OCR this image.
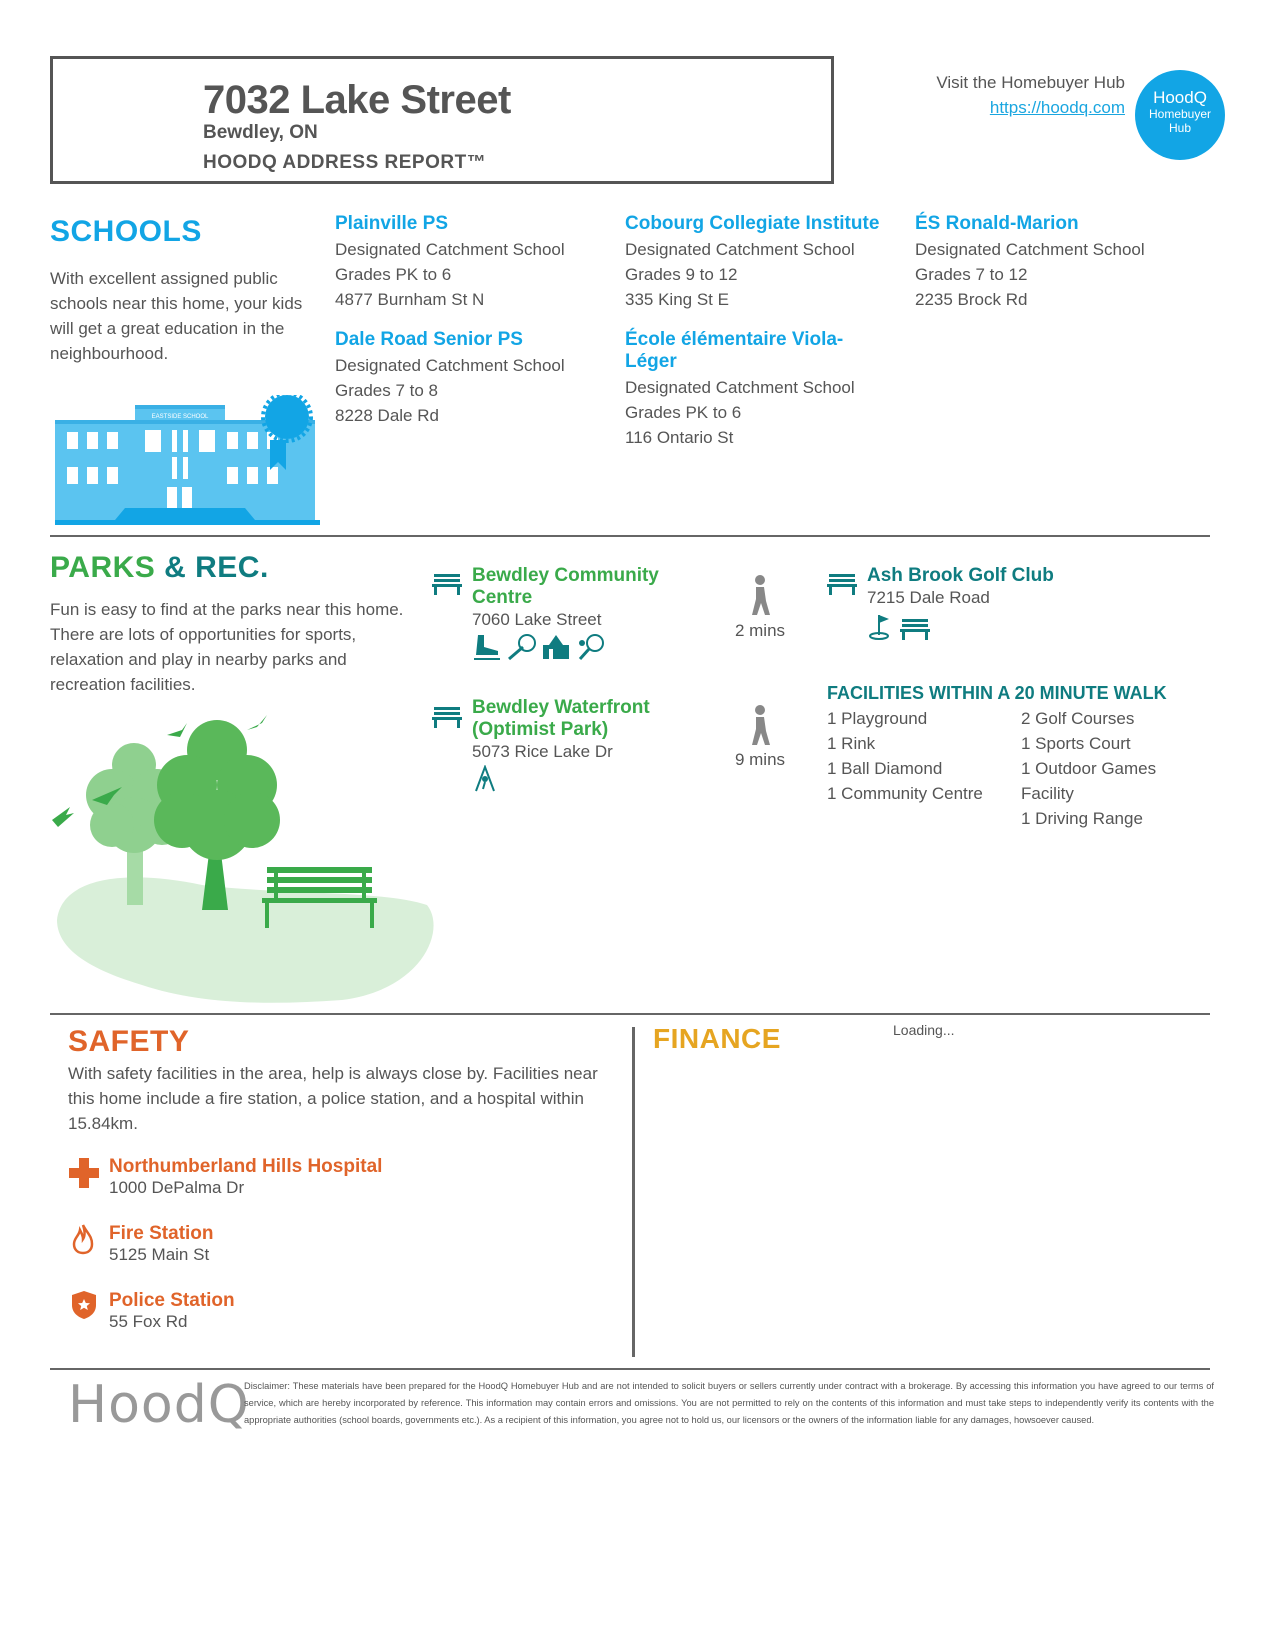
7032 Lake Street
Bewdley, ON
HOODQ ADDRESS REPORT™
Visit the Homebuyer Hub
https://hoodq.com
HoodQ
Homebuyer
Hub
SCHOOLS
With excellent assigned public schools near this home, your kids will get a great education in the neighbourhood.
EASTSIDE SCHOOL
Plainville PS
Designated Catchment School
Grades PK to 6
4877 Burnham St N
Cobourg Collegiate Institute
Designated Catchment School
Grades 9 to 12
335 King St E
ÉS Ronald-Marion
Designated Catchment School
Grades 7 to 12
2235 Brock Rd
Dale Road Senior PS
Designated Catchment School
Grades 7 to 8
8228 Dale Rd
École élémentaire Viola-Léger
Designated Catchment School
Grades PK to 6
116 Ontario St
PARKS & REC.
Fun is easy to find at the parks near this home. There are lots of opportunities for sports, relaxation and play in nearby parks and recreation facilities.
Bewdley Community Centre
7060 Lake Street

2 mins
Bewdley Waterfront (Optimist Park)
5073 Rice Lake Dr	9 mins
Ash Brook Golf Club
7215 Dale Road

FACILITIES WITHIN A 20 MINUTE WALK
1 Playground
1 Rink
1 Ball Diamond
1 Community Centre
2 Golf Courses
1 Sports Court
1 Outdoor Games Facility
1 Driving Range
SAFETY
With safety facilities in the area, help is always close by. Facilities near this home include a fire station, a police station, and a hospital within 15.84km.
Northumberland Hills Hospital
1000 DePalma Dr
Fire Station
5125 Main St
Police Station
55 Fox Rd
FINANCE	Loading...
HoodQ
Disclaimer: These materials have been prepared for the HoodQ Homebuyer Hub and are not intended to solicit buyers or sellers currently under contract with a brokerage. By accessing this information you have agreed to our terms of service, which are hereby incorporated by reference. This information may contain errors and omissions. You are not permitted to rely on the contents of this information and must take steps to independently verify its contents with the appropriate authorities (school boards, governments etc.). As a recipient of this information, you agree not to hold us, our licensors or the owners of the information liable for any damages, howsoever caused.
